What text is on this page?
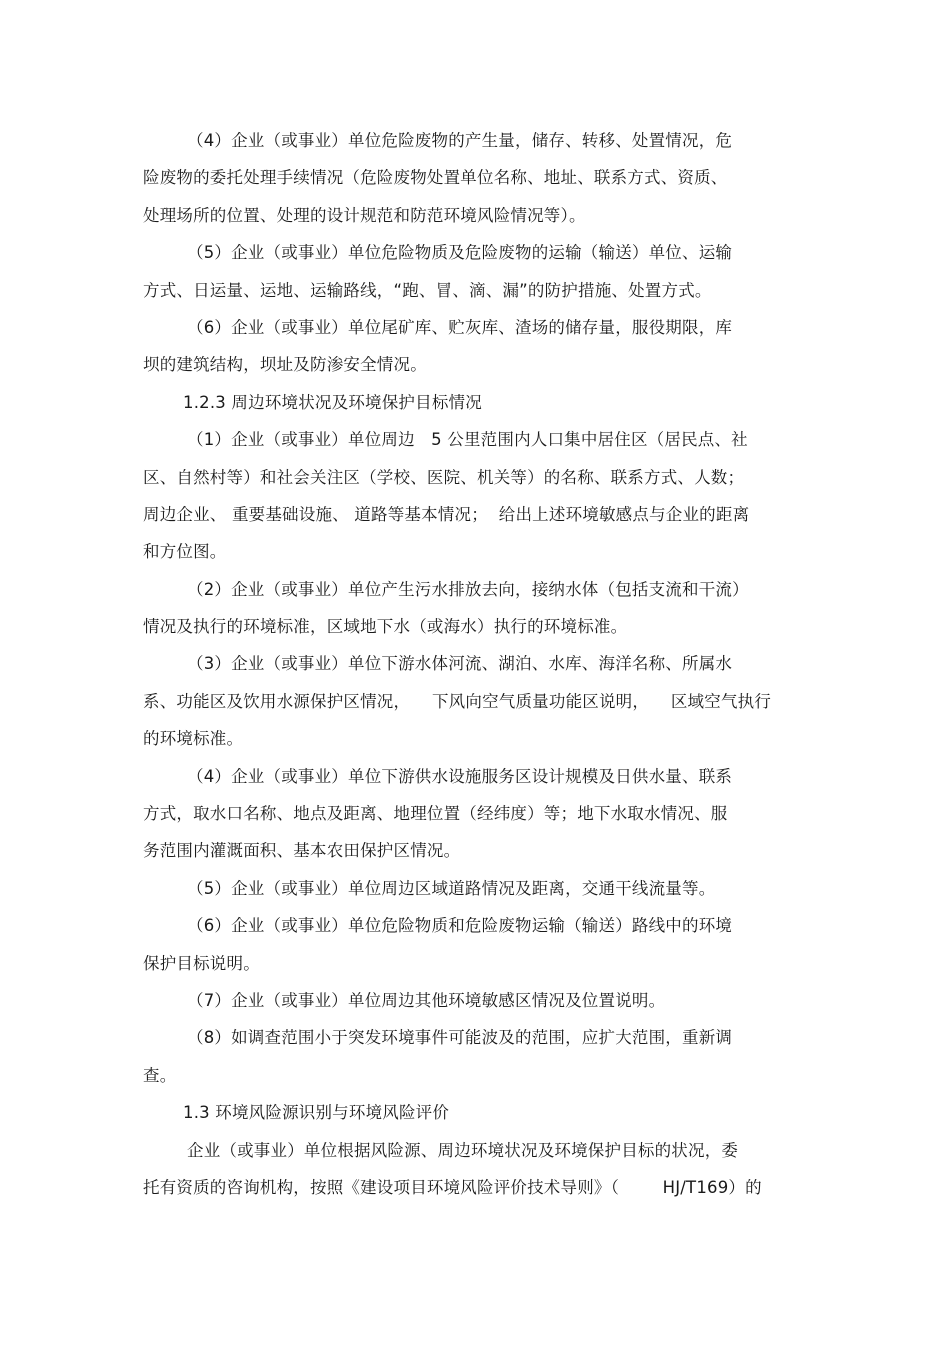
（4）企业（或事业）单位危险废物的产生量，储存、转移、处置情况，危
险废物的委托处理手续情况（危险废物处置单位名称、地址、联系方式、资质、
处理场所的位置、处理的设计规范和防范环境风险情况等）。
（5）企业（或事业）单位危险物质及危险废物的运输（输送）单位、运输
方式、日运量、运地、运输路线，“跑、冒、滴、漏”的防护措施、处置方式。
（6）企业（或事业）单位尾矿库、贮灰库、渣场的储存量，服役期限，库
坝的建筑结构，坝址及防渗安全情况。
1.2.3 周边环境状况及环境保护目标情况
（1）企业（或事业）单位周边   5 公里范围内人口集中居住区（居民点、社
区、自然村等）和社会关注区（学校、医院、机关等）的名称、联系方式、人数；
周边企业、 重要基础设施、 道路等基本情况；  给出上述环境敏感点与企业的距离
和方位图。
（2）企业（或事业）单位产生污水排放去向，接纳水体（包括支流和干流）
情况及执行的环境标准，区域地下水（或海水）执行的环境标准。
（3）企业（或事业）单位下游水体河流、湖泊、水库、海洋名称、所属水
系、功能区及饮用水源保护区情况，    下风向空气质量功能区说明，    区域空气执行
的环境标准。
（4）企业（或事业）单位下游供水设施服务区设计规模及日供水量、联系
方式，取水口名称、地点及距离、地理位置（经纬度）等；地下水取水情况、服
务范围内灌溉面积、基本农田保护区情况。
（5）企业（或事业）单位周边区域道路情况及距离，交通干线流量等。
（6）企业（或事业）单位危险物质和危险废物运输（输送）路线中的环境
保护目标说明。
（7）企业（或事业）单位周边其他环境敏感区情况及位置说明。
（8）如调查范围小于突发环境事件可能波及的范围，应扩大范围，重新调
查。
1.3 环境风险源识别与环境风险评价
企业（或事业）单位根据风险源、周边环境状况及环境保护目标的状况，委
托有资质的咨询机构，按照《建设项目环境风险评价技术导则》（        HJ/T169）的
